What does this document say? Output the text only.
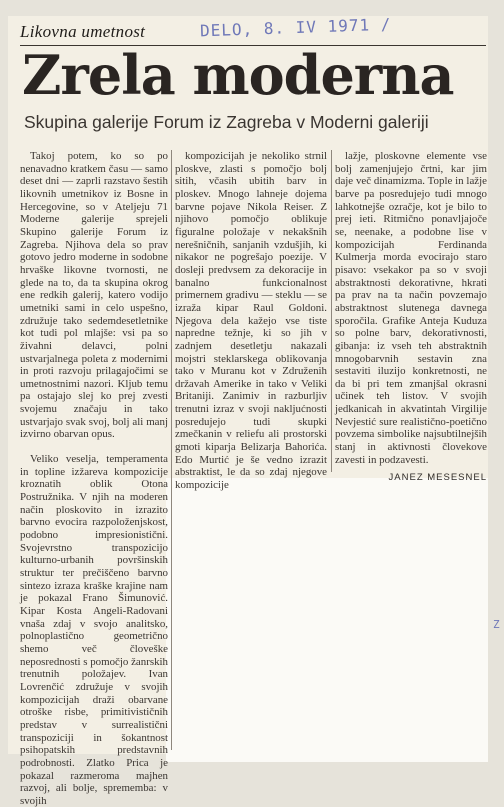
Likovna umetnost	DELO, 8. IV 1971 /
Zrela moderna
Skupina galerije Forum iz Zagreba v Moderni galeriji

Takoj potem, ko so po nenavadno kratkem času — samo deset dni — zaprli razstavo šestih likovnih umetnikov iz Bosne in Hercegovine, so v Ateljeju 71 Moderne galerije sprejeli Skupino galerije Forum iz Zagreba. Njihova dela so prav gotovo jedro moderne in sodobne hrvaške likovne tvornosti, ne glede na to, da ta skupina okrog ene redkih galerij, katero vodijo umetniki sami in celo uspešno, združuje tako sedemdesetletnike kot tudi pol mlajše: vsi pa so živahni delavci, polni ustvarjalnega poleta z modernimi in proti razvoju prilagajočimi se umetnostnimi nazori. Kljub temu pa ostajajo slej ko prej zvesti svojemu značaju in tako ustvarjajo svak svoj, bolj ali manj izvirno obarvan opus.

Veliko veselja, temperamenta in topline izžareva kompozicije kroznatih oblik Otona Postružnika. V njih na moderen način ploskovito in izrazito barvno evocira razpoloženjskost, podobno impresionistični. Svojevrstno transpozicijo kulturno-urbanih površinskih struktur ter prečiščeno barvno sintezo izraza kraške krajine nam je pokazal Frano Šimunović. Kipar Kosta Angeli-Radovani vnaša zdaj v svojo analitsko, polnoplastično geometrično shemo več človeške neposrednosti s pomočjo žanrskih trenutnih položajev. Ivan Lovrenčić združuje v svojih kompozicijah draži obarvane otroške risbe, primitivističnih predstav v surrealistični transpoziciji in šokantnost psihopatskih predstavnih podrobnosti. Zlatko Prica je pokazal razmeroma majhen razvoj, ali bolje, sprememba: v svojih

kompozicijah je nekoliko strnil ploskve, zlasti s pomočjo bolj sitih, včasih ubitih barv in ploskev. Mnogo lahneje dojema barvne pojave Nikola Reiser. Z njihovo pomočjo oblikuje figuralne položaje v nekakšnih nerešničnih, sanjanih vzdušjih, ki nikakor ne pogrešajo poezije. V dosleji predvsem za dekoracije in banalno funkcionalnost primernem gradivu — steklu — se izraža kipar Raul Goldoni. Njegova dela kažejo vse tiste napredne težnje, ki so jih v zadnjem desetletju nakazali mojstri steklarskega oblikovanja tako v Muranu kot v Združenih državah Amerike in tako v Veliki Britaniji. Zanimiv in razburljiv trenutni izraz v svoji nakljućnosti posredujejo tudi skupki zmečkanin v reliefu ali prostorski gmoti kiparja Belizarja Bahorića. Edo Murtić je še vedno izrazit abstraktist, le da so zdaj njegove kompozicije

lažje, ploskovne elemente vse bolj zamenjujejo črtni, kar jim daje več dinamizma. Tople in lažje barve pa posredujejo tudi mnogo lahkotnejše ozračje, kot je bilo to prej ieti. Ritmično ponavljajoče se, neenake, a podobne lise v kompozicijah Ferdinanda Kulmerja morda evocirajo staro pisavo: vsekakor pa so v svoji abstraktnosti dekorativne, hkrati pa prav na ta način povzemajo abstraktnost slutenega davnega sporočila. Grafike Anteja Kuduza so polne barv, dekorativnosti, gibanja: iz vseh teh abstraktnih mnogobarvnih sestavin zna sestaviti iluzijo konkretnosti, ne da bi pri tem zmanjšal okrasni učinek teh listov. V svojih jedkanicah in akvatintah Virgilije Nevjestić sure realistično-poetično povzema simbolike najsubtilnejših stanj in aktivnosti človekove zavesti in podzavesti.

JANEZ MESESNEL
Z
